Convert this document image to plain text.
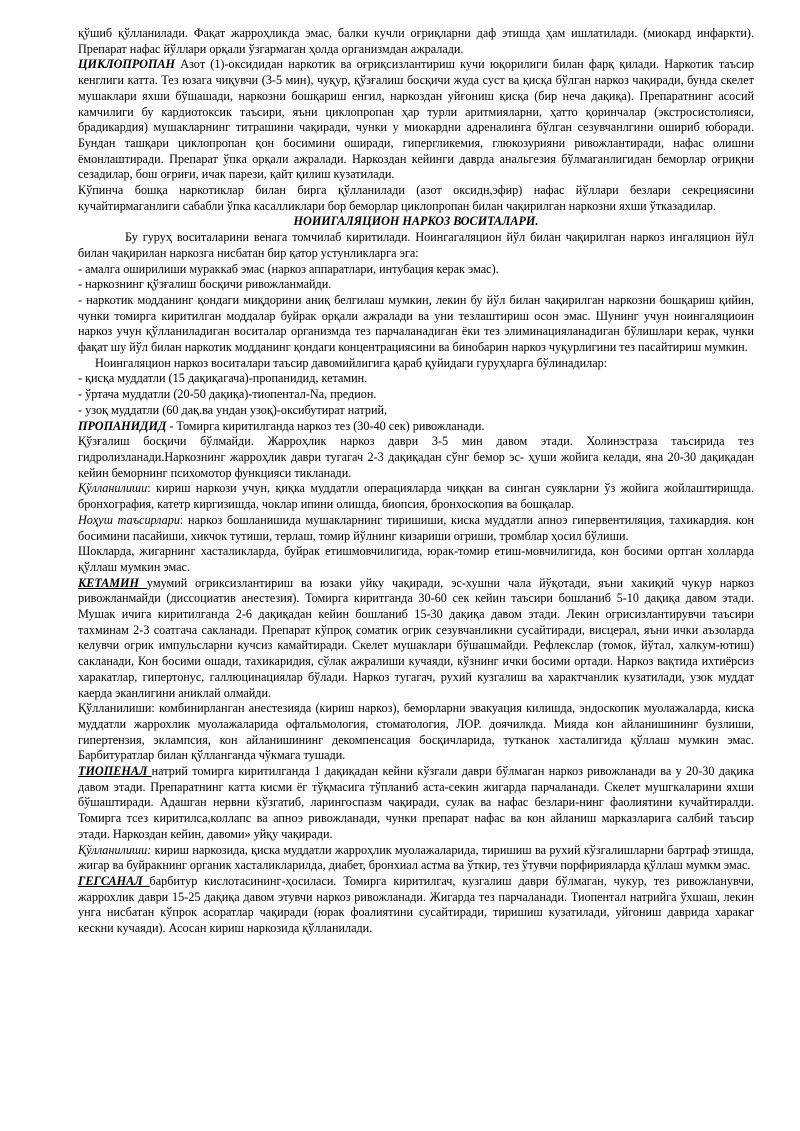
қўшиб қўлланилади. Фақат жарроҳликда эмас, балки кучли оғриқларни даф этишда ҳам ишлатилади. (миокард инфаркти). Препарат нафас йўллари орқали ўзгармаган ҳолда организмдан ажралади.

ЦИКЛОПРОПАН Азот (1)-оксидидан наркотик ва оғриқсизлантириш кучи юқорилиги билан фарқ қилади. Наркотик таъсир кенглиги катта. Тез юзага чиқувчи (3-5 мин), чуқур, қўзғалиш босқичи жуда суст ва қисқа бўлган наркоз чақиради, бунда скелет мушаклари яхши бўшашади, наркозни бошқариш енгил, наркоздан уйғониш қисқа (бир неча дақиқа). Препаратнинг асосий камчилиги бу кардиотоксик таъсири, яъни циклопропан ҳар турли аритмияларни, ҳатто қоринчалар (экстросистолияси, брадикардия) мушакларнинг титрашини чақиради, чунки у миокардни адреналинга бўлган сезувчанлгини ошириб юборади. Бундан ташқари циклопропан қон босимини оширади, гипергликемия, глюкозурияни ривожлантиради, нафас олишни ёмонлаштиради. Препарат ўпка орқали ажралади. Наркоздан кейинги даврда анальгезия бўлмаганлигидан беморлар оғриқни сезадилар, бош оғриғи, ичак парези, қайт қилиш кузатилади.

Кўпинча бошқа наркотиклар билан бирга қўлланилади (азот оксидн,эфир) нафас йўллари безлари секрециясини кучайтирмаганлиги сабабли ўпка касалликлари бор беморлар циклопропан билан чақирилган наркозни яхши ўтказадилар.

НОИИГАЛЯЦИОН НАРКОЗ ВОСИТАЛАРИ.

Бу гуруҳ воситаларини венага томчилаб киритилади. Ноингагаляцион йўл билан чақирилган наркоз ингаляцион йўл билан чақирилан наркозга нисбатан бир қатор устунликларга эга:

- амалга оширилиши мураккаб эмас (наркоз аппаратлари, интубация керак эмас).

- наркознинг қўзғалиш босқичи ривожланмайди.

- наркотик модданинг қондаги миқдорини аниқ белгилаш мумкин, лекин бу йўл билан чақирилган наркозни бошқариш қийин, чунки томирга киритилган моддалар буйрак орқали ажралади ва уни тезлаштириш осон эмас. Шунинг учун ноингаляциоин наркоз учун қўлланиладиган воситалар организмда тез парчаланадиган ёки тез элиминацияланадиган бўлишлари керак, чунки фақат шу йўл билан наркотик модданинг қондаги концентрациясини ва бинобарин наркоз чуқурлигини тез пасайтириш мумкин.

Ноингаляцион наркоз воситалари таъсир давомийлигига қараб қуйидаги гуруҳларга бўлинадилар:

- қисқа муддатли (15 дақиқагача)-пропанидид, кетамин.

- ўртача муддатли (20-50 дақиқа)-тиопентал-Na, предион.

- узоқ муддатли (60 дақ.ва ундан узоқ)-оксибутират натрий,

ПРОПАНИДИД - Томирга киритилганда наркоз тез (30-40 сек) ривожланади.

Қўзғалиш босқичи бўлмайди. Жарроҳлик наркоз даври 3-5 мин давом этади. Холинэстраза таъсирида тез гидролизланади.Наркознинг жарроҳлик даври тугагач 2-3 дақиқадан сўнг бемор эс- ҳуши жойига келади, яна 20-30 дақиқадан кейин беморнинг психомотор функцияси тикланади.

Қўлланилиши: кириш наркози учун, қиқка муддатли операцияларда чиққан ва синган суякларни ўз жойига жойлаштиришда. бронхография, катетр киргизишда, чоклар ипини олишда, биопсия, бронхоскопия ва бошқалар.

Ноҳуш таъсирлари: наркоз бошланишида мушакларнинг тиришиши, киска муддатли апноэ гипервентиляция, тахикардия. кон босимини пасайиши, хикчок тутиши, терлаш, томир йўлнинг кизариши огриши, тромблар ҳосил бўлиши.

Шокларда, жигарнинг хасталикларда, буйрак етишмовчилигида, юрак-томир етиш-мовчилигида, кон босими ортган холларда қўллаш мумкин эмас.

КЕТАМИН умумий огриксизлантириш ва юзаки уйку чақиради, эс-хушни чала йўқотади, яъни хакиқий чукур наркоз ривожланмайди (диссоциатив анестезия). Томирга киритганда 30-60 сек кейин таъсири бошланиб 5-10 дақиқа давом этади. Мушак ичига киритилганда 2-6 дақиқадан кейин бошланиб 15-30 дақиқа давом этади. Лекин огрисизлантирувчи таъсири тахминам 2-3 соатгача сакланади. Препарат кўпроқ соматик огрик сезувчанликни сусайтиради, висцерал, яъни ички аъзоларда келувчи огрик импульсларни кучсиз камайтиради. Скелет мушаклари бўшашмайди. Рефлекслар (томок, йўтал, халкум-ютиш) сакланади, Кон босими ошади, тахикаридия, сўлак ажралиши кучаяди, кўзнинг ички босими ортади. Наркоз вақтида ихтиёрсиз харакатлар, гипертонус, галлюцинациялар бўлади. Наркоз тугагач, рухий кузгалиш ва характчанлик кузатилади, узок муддат каерда эканлигини аниклай олмайди.

Қўлланилиши: комбинирланган анестезияда (кириш наркоз), беморларни эвакуация килишда, эндоскопик муолажаларда, киска муддатли жаррохлик муолажаларида офтальмология, стоматология, ЛОР. доячилкда. Мияда кон айланишининг бузлиши, гипертензия, эклампсия, кон айланишининг декомпенсация босқичларида, тутканок хасталигида қўллаш мумкин эмас. Барбитуратлар билан қўлланганда чўкмага тушади.

ТИОПЕНАЛ натрий томирга киритилганда 1 дақиқадан кейни кўзгали даври бўлмаган наркоз ривожланади ва у 20-30 дақика давом этади. Препаратнинг катта кисми ёг тўқмасига тўпланиб аста-секин жигарда парчаланади. Скелет мушгкаларини яхши бўшаштиради. Адашган нервни кўзгатиб, ларингоспазм чақиради, сулак ва нафас безлари-нинг фаолиятини кучайтиралди. Томирга тсез киритилса,коллапс ва апноэ ривожланади, чунки препарат нафас ва кон айланиш марказларига салбий таъсир этади. Наркоздан кейин, давоми» уйқу чақиради.

Қўлланилиши: кириш наркозида, қиска муддатли жарроҳлик муолажаларида, тиришиш ва рухий кўзгалишларни бартраф этишда, жигар ва буйракнинг органик хасталикларилда, диабет, бронхиал астма ва ўткир, тез ўтувчи порфирияларда қўллаш мумкм эмас.

ГЕГСАНАЛ барбитур кислотасининг-ҳосиласи. Томирга киритилгач, кузгалиш даври бўлмаган, чукур, тез ривожланувчи, жаррохлик даври 15-25 дақиқа давом этувчи наркоз ривожланади. Жигарда тез парчаланади. Тиопентал натрийга ўхшаш, лекин унга нисбатан кўпрок асоратлар чақиради (юрак фоалиятини сусайтиради, тиришиш кузатилади, уйгониш даврида харакаг кескни кучаяди). Асосан кириш наркозида қўлланилади.
